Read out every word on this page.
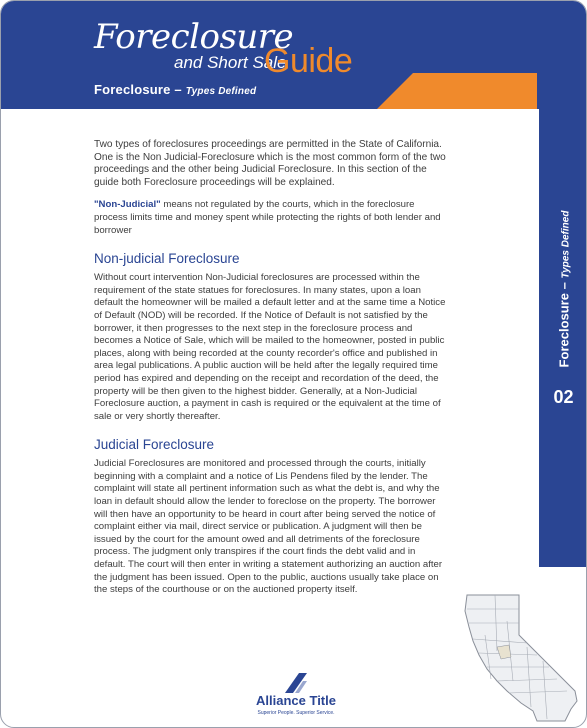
Foreclosure
and Short Sale
Guide
Foreclosure – Types Defined
Foreclosure – Types Defined
02

Two types of foreclosures proceedings are permitted in the State of California. One is the Non Judicial-Foreclosure which is the most common form of the two proceedings and the other being Judicial Foreclosure. In this section of the guide both Foreclosure proceedings will be explained.

"Non-Judicial" means not regulated by the courts, which in the foreclosure process limits time and money spent while protecting the rights of both lender and borrower

Non-judicial Foreclosure

Without court intervention Non-Judicial foreclosures are processed within the requirement of the state statues for foreclosures. In many states, upon a loan default the homeowner will be mailed a default letter and at the same time a Notice of Default (NOD) will be recorded. If the Notice of Default is not satisfied by the borrower, it then progresses to the next step in the foreclosure process and becomes a Notice of Sale, which will be mailed to the homeowner, posted in public places, along with being recorded at the county recorder's office and published in area legal publications. A public auction will be held after the legally required time period has expired and depending on the receipt and recordation of the deed, the property will be then given to the highest bidder. Generally, at a Non-Judicial Foreclosure auction, a payment in cash is required or the equivalent at the time of sale or very shortly thereafter.

Judicial Foreclosure

Judicial Foreclosures are monitored and processed through the courts, initially beginning with a complaint and a notice of Lis Pendens filed by the lender. The complaint will state all pertinent information such as what the debt is, and why the loan in default should allow the lender to foreclose on the property. The borrower will then have an opportunity to be heard in court after being served the notice of complaint either via mail, direct service or publication. A judgment will then be issued by the court for the amount owed and all detriments of the foreclosure process. The judgment only transpires if the court finds the debt valid and in default. The court will then enter in writing a statement authorizing an auction after the judgment has been issued. Open to the public, auctions usually take place on the steps of the courthouse or on the auctioned property itself.

Alliance Title
Superior People. Superior Service.
